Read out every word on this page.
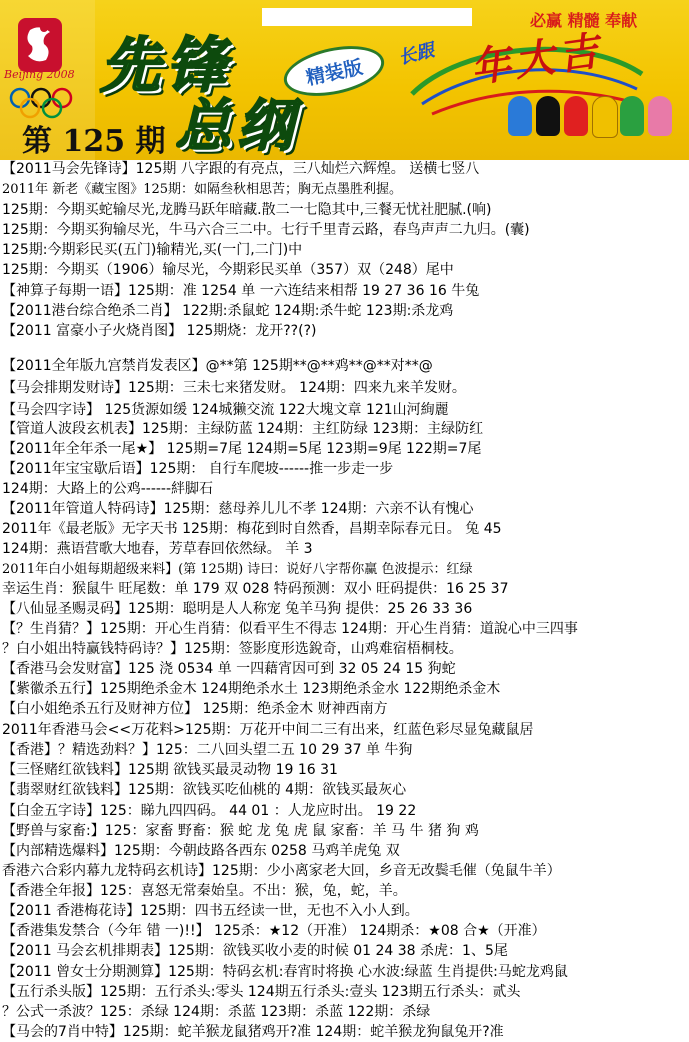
Beijing 2008 先锋
总纲
精装版
第 125 期
必赢 精髓 奉献
长跟 年大吉
【2011马会先锋诗】125期 八字跟的有亮点，三八灿烂六辉煌。 送横七竖八
2011年 新老《藏宝图》125期：如隔叁秋相思苦；胸无点墨胜利握。
125期：今期买蛇输尽光,龙腾马跃年暗藏.散二一七隐其中,三餐无忧社肥腻.(响)
125期：今期买狗输尽光，牛马六合三二中。七行千里青云路，春鸟声声二九归。(囊)
125期:今期彩民买(五门)输精光,买(一门,二门)中
125期：今期买（1906）输尽光，今期彩民买单（357）双（248）尾中
【神算子每期一语】125期：准 1254 单 一六连结来相帮 19 27 36 16 牛兔
【2011港台综合绝杀二肖】 122期:杀鼠蛇 124期:杀牛蛇 123期:杀龙鸡
【2011 富豪小子火烧肖图】 125期烧：龙开??(?)
【2011全年版九宫禁肖发表区】@**第 125期**@**鸡**@**对**@
【马会排期发财诗】125期：三未七来猪发财。 124期：四来九来羊发财。
【马会四字诗】 125货源如缓 124城獭交流 122大塊文章 121山河絢麗
【管道人波段玄机表】125期：主绿防蓝 124期：主红防绿 123期：主绿防红
【2011年全年杀一尾★】 125期=7尾 124期=5尾 123期=9尾 122期=7尾
【2011年宝宝歇后语】125期： 自行车爬坡------推一步走一步
124期：大路上的公鸡------絆脚石
【2011年管道人特码诗】125期：慈母养儿儿不孝 124期：六亲不认有愧心
2011年《最老版》无字天书 125期：梅花到时自然香，昌期幸际春元日。 兔 45
124期：燕语营歌大地春，芳草春回依然绿。 羊 3
2011年白小姐每期超级来料】(第 125期) 诗曰：说好八字帮你赢 色波提示：红绿
幸运生肖：猴鼠牛 旺尾数：单 179 双 028 特码预测：双小 旺码提供：16 25 37
【八仙显圣赐灵码】125期：聪明是人人称宠 兔羊马狗 提供：25 26 33 36
【？生肖猜？】125期：开心生肖猜：似看平生不得志 124期：开心生肖猜：道說心中三四事
？白小姐出特赢钱特码诗？】125期：签影度形选銳奇，山鸡难宿梧桐枝。
【香港马会发财富】125 浇 0534 单 一四藉宵因可到 32 05 24 15 狗蛇
【紫徽杀五行】125期绝杀金木 124期绝杀水土 123期绝杀金水 122期绝杀金木
【白小姐绝杀五行及财神方位】 125期：绝杀金木 财神西南方
2011年香港马会<<万花料>125期：万花开中间二三有出来，红蓝色彩尽显兔藏鼠居
【香港】？精选劲料？】125：二八回头望二五 10 29 37 单 牛狗
【三怪赌红欲钱料】125期 欲钱买最灵动物 19 16 31
【翡翠财红欲钱料】125期：欲钱买吃仙桃的 4期：欲钱买最灰心
【白金五字诗】125：睇九四四码。 44 01 ：人龙应时出。 19 22
【野兽与家畜:】125：家畜 野畜：猴 蛇 龙 兔 虎 鼠 家畜：羊 马 牛 猪 狗 鸡
【内部精选爆料】125期：今朝歧路各西东 0258 马鸡羊虎兔 双
香港六合彩内幕九龙特码玄机诗】125期：少小离家老大回，乡音无改鬓毛催（兔鼠牛羊）
【香港全年报】125：喜怒无常秦始皇。不出：猴，兔，蛇，羊。
【2011 香港梅花诗】125期：四书五经读一世，无也不入小人到。
【香港集发禁合（今年 错 一)!!】 125杀：★12（开准） 124期杀：★08 合★（开准）
【2011 马会玄机排期表】125期：欲钱买收小麦的时候 01 24 38 杀虎：1、5尾
【2011 曾女士分期测算】125期：特码玄机:春宵时将换 心水波:绿蓝 生肖提供:马蛇龙鸡鼠
【五行杀头版】125期：五行杀头:零头 124期五行杀头:壹头 123期五行杀头：贰头
？公式一杀波？125：杀绿 124期：杀蓝 123期：杀蓝 122期：杀绿
【马会的7肖中特】125期：蛇羊猴龙鼠猪鸡开?准 124期：蛇羊猴龙狗鼠兔开?准
